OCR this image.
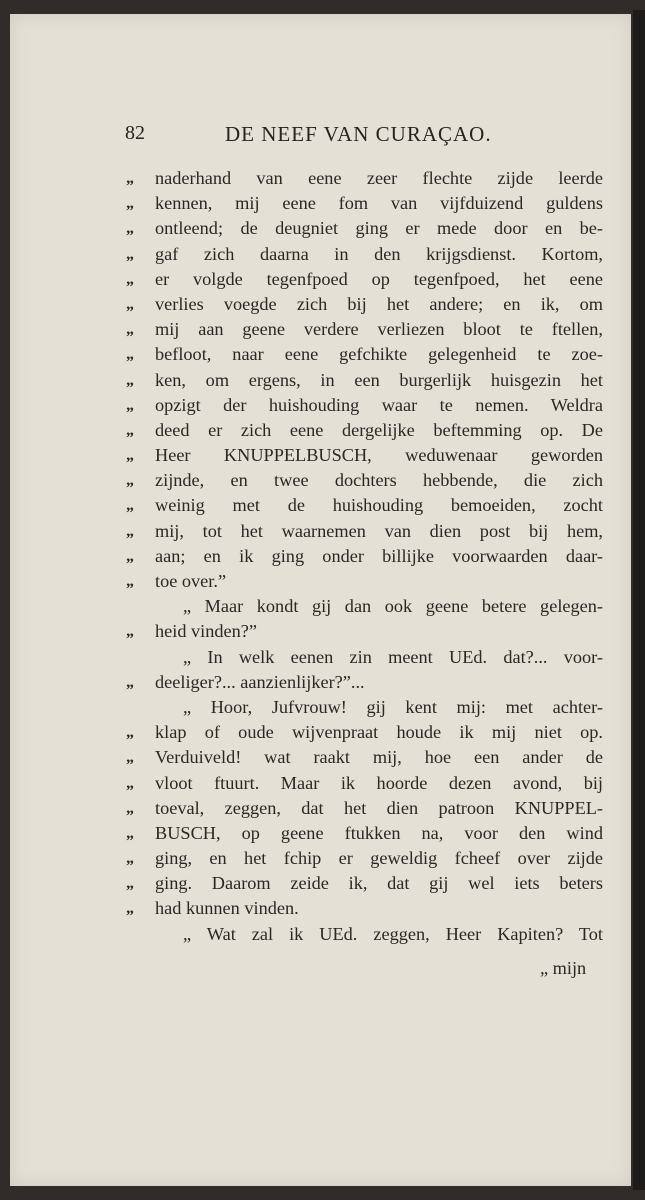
82	DE NEEF VAN CURAÇAO.
„ naderhand van eene zeer flechte zijde leerde
„ kennen, mij eene fom van vijfduizend guldens
„ ontleend; de deugniet ging er mede door en be-
„ gaf zich daarna in den krijgsdienst. Kortom,
„ er volgde tegenfpoed op tegenfpoed, het eene
„ verlies voegde zich bij het andere; en ik, om
„ mij aan geene verdere verliezen bloot te ftellen,
„ befloot, naar eene gefchikte gelegenheid te zoe-
„ ken, om ergens, in een burgerlijk huisgezin het
„ opzigt der huishouding waar te nemen. Weldra
„ deed er zich eene dergelijke beftemming op. De
„ Heer KNUPPELBUSCH, weduwenaar geworden
„ zijnde, en twee dochters hebbende, die zich
„ weinig met de huishouding bemoeiden, zocht
„ mij, tot het waarnemen van dien post bij hem,
„ aan; en ik ging onder billijke voorwaarden daar-
„ toe over.”
„ Maar kondt gij dan ook geene betere gelegen-
„ heid vinden?”
„ In welk eenen zin meent UEd. dat?... voor-
„ deeliger?... aanzienlijker?”...
„ Hoor, Jufvrouw! gij kent mij: met achter-
„ klap of oude wijvenpraat houde ik mij niet op.
„ Verduiveld! wat raakt mij, hoe een ander de
„ vloot ftuurt. Maar ik hoorde dezen avond, bij
„ toeval, zeggen, dat het dien patroon KNUPPEL-
„ BUSCH, op geene ftukken na, voor den wind
„ ging, en het fchip er geweldig fcheef over zijde
„ ging. Daarom zeide ik, dat gij wel iets beters
„ had kunnen vinden.
„ Wat zal ik UEd. zeggen, Heer Kapiten? Tot
„ mijn
